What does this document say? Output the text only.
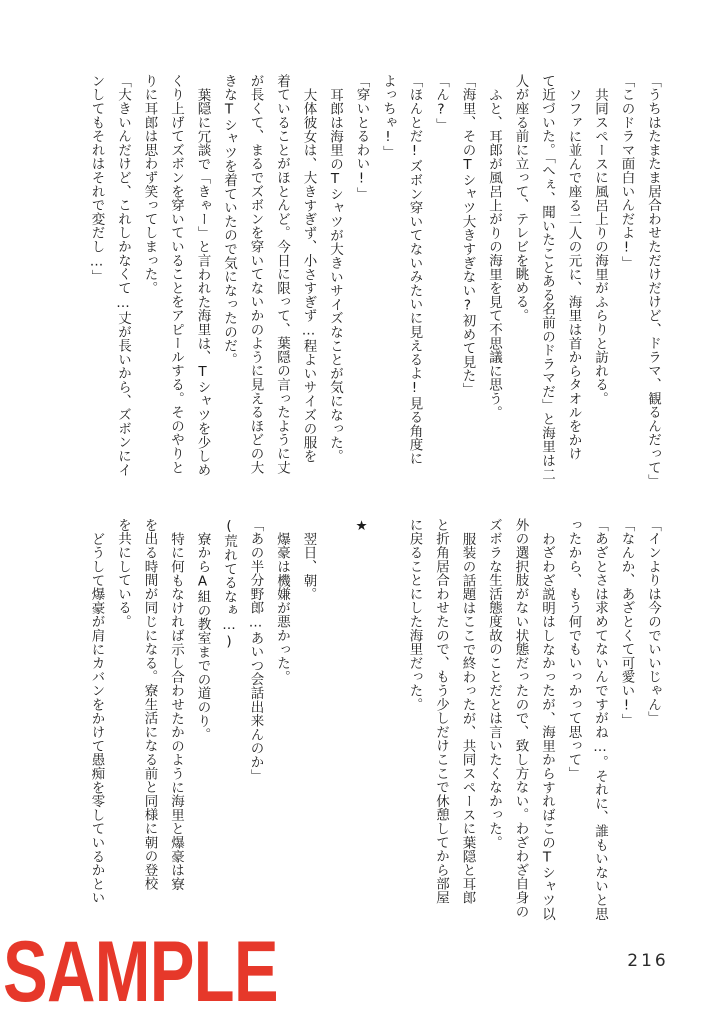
「うちはたまたま居合わせただけだけど、ドラマ、観るんだって」

「このドラマ面白いんだよ!」

共同スペースに風呂上りの海里がふらりと訪れる。

ソファに並んで座る二人の元に、海里は首からタオルをかけ

て近づいた。「へぇ、聞いたことある名前のドラマだ」と海里は二

人が座る前に立って、テレビを眺める。

ふと、耳郎が風呂上がりの海里を見て不思議に思う。

「海里、そのTシャツ大きすぎない?初めて見た」

「ん?」

「ほんとだ!ズボン穿いてないみたいに見えるよ!見る角度に

よっちゃ!」

「穿いとるわい!」

耳郎は海里のTシャツが大きいサイズなことが気になった。

大体彼女は、大きすぎず、小さすぎず…程よいサイズの服を

着ていることがほとんど。今日に限って、葉隠の言ったように丈

が長くて、まるでズボンを穿いてないかのように見えるほどの大

きなTシャツを着ていたので気になったのだ。

葉隠に冗談で「きゃー」と言われた海里は、Tシャツを少しめ

くり上げてズボンを穿いていることをアピールする。そのやりと

りに耳郎は思わず笑ってしまった。

「大きいんだけど、これしかなくて…丈が長いから、ズボンにイ

ンしてもそれはそれで変だし…」

「インよりは今のでいいじゃん」

「なんか、あざとくて可愛い!」

「あざとさは求めてないんですがね…。それに、誰もいないと思

ったから、もう何でもいっかって思って」

わざわざ説明はしなかったが、海里からすればこのTシャツ以

外の選択肢がない状態だったので、致し方ない。わざわざ自身の

ズボラな生活態度故のことだとは言いたくなかった。

服装の話題はここで終わったが、共同スペースに葉隠と耳郎

と折角居合わせたので、もう少しだけここで休憩してから部屋

に戻ることにした海里だった。

★

翌日、朝。

爆豪は機嫌が悪かった。

「あの半分野郎…あいつ会話出来んのか」

(荒れてるなぁ…)

寮からA組の教室までの道のり。

特に何もなければ示し合わせたかのように海里と爆豪は寮

を出る時間が同じになる。寮生活になる前と同様に朝の登校

を共にしている。

どうして爆豪が肩にカバンをかけて愚痴を零しているかとい

216
SAMPLE
